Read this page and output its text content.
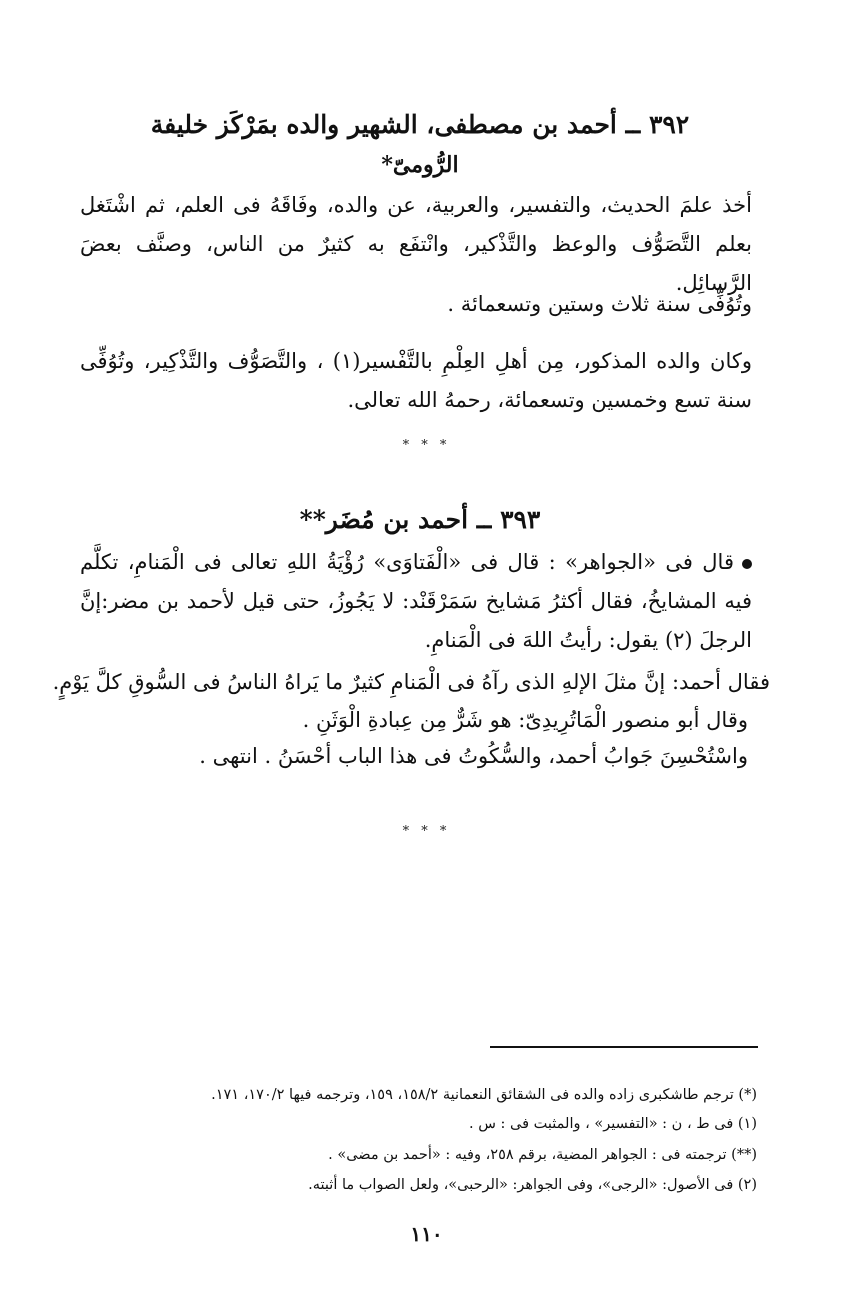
٣٩٢ ــ أحمد بن مصطفى، الشهير والده بمَرْكَز خليفة
الرُّومىّ*
أخذ علمَ الحديث، والتفسير، والعربية، عن والده، وفَاقَهُ فى العلم، ثم اشْتَغل بعلم التَّصَوُّف والوعظ والتَّذْكير، وانْتفَع به كثيرٌ من الناس، وصنَّف بعضَ الرَّسائِل.
وتُوُفِّى سنة ثلاث وستين وتسعمائة .
وكان والده المذكور، مِن أهلِ العِلْمِ بالتَّفْسير(١) ، والتَّصَوُّف والتَّذْكِير، وتُوُفِّى سنة تسع وخمسين وتسعمائة، رحمهُ الله تعالى.
* * *
٣٩٣ ــ أحمد بن مُضَر**
قال فى «الجواهر» : قال فى «الْفَتاوَى» رُؤْيَةُ اللهِ تعالى فى الْمَنامِ، تكلَّم فيه المشايخُ، فقال أكثرُ مَشايخ سَمَرْقَنْد: لا يَجُوزُ، حتى قيل لأحمد بن مضر:إنَّ الرجلَ (٢) يقول: رأيتُ اللهَ فى الْمَنامِ.
فقال أحمد: إنَّ مثلَ الإلهِ الذى رآهُ فى الْمَنامِ كثيرٌ ما يَراهُ الناسُ فى السُّوقِ كلَّ يَوْمٍ.
وقال أبو منصور الْمَاتُرِيدِىّ: هو شَرٌّ مِن عِبادةِ الْوَثَنِ .
واسْتُحْسِنَ جَوابُ أحمد، والسُّكُوتُ فى هذا الباب أحْسَنُ . انتهى .
* * *
(*) ترجم طاشكبرى زاده والده فى الشقائق النعمانية ١٥٨/٢، ١٥٩، وترجمه فيها ١٧٠/٢، ١٧١.
(١) فى ط ، ن : «التفسير» ، والمثبت فى : س .
(**) ترجمته فى : الجواهر المضية، برقم ٢٥٨، وفيه : «أحمد بن مضى» .
(٢) فى الأصول: «الرجى»، وفى الجواهر: «الرحبى»، ولعل الصواب ما أثبته.
١١٠
